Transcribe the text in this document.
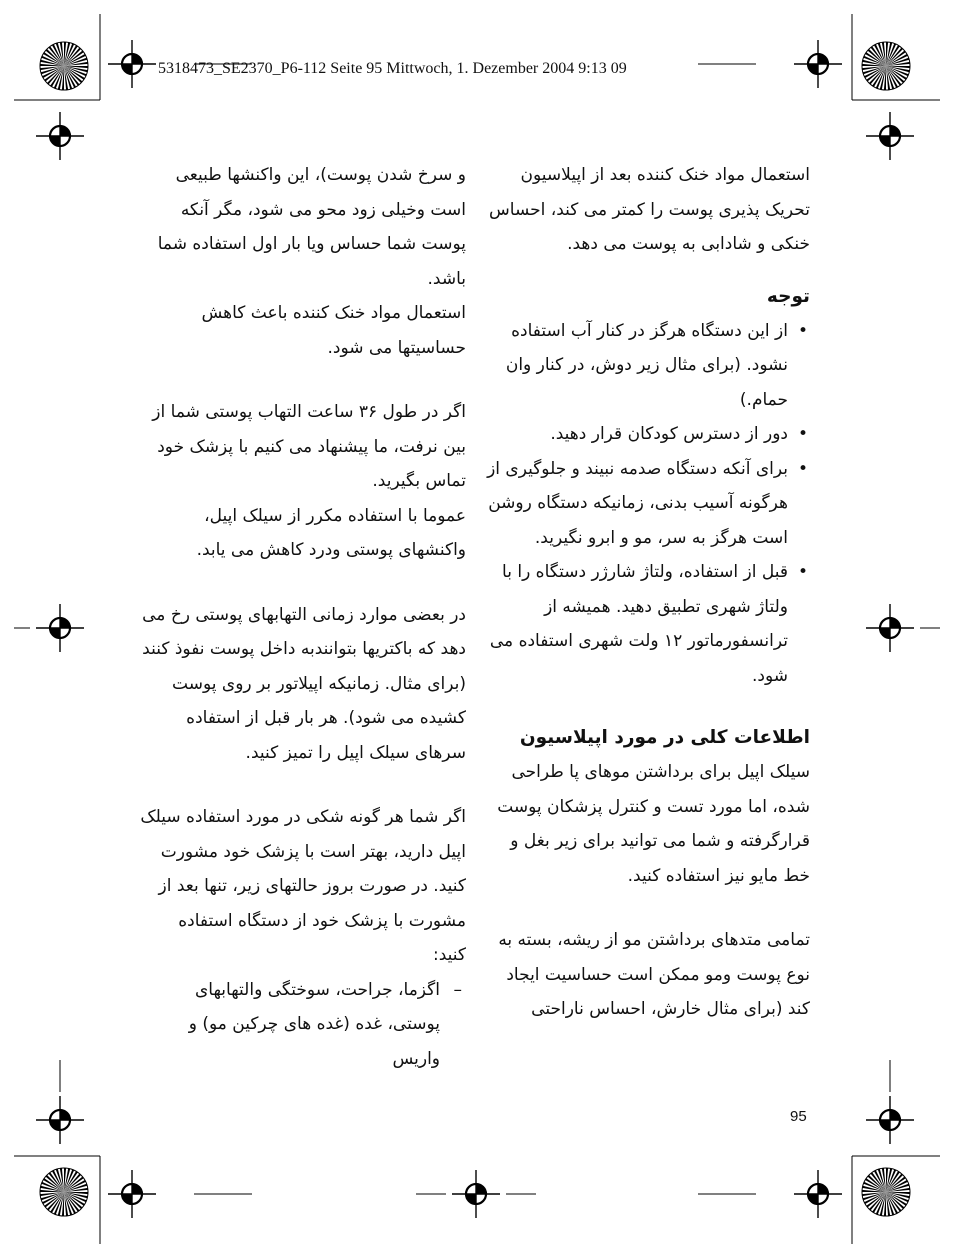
5318473_SE2370_P6-112 Seite 95 Mittwoch, 1. Dezember 2004 9:13 09

استعمال مواد خنک کننده بعد از اپیلاسیون تحریک پذیری پوست را کمتر می کند، احساس خنکی و شادابی به پوست می دهد.

توجه

• از این دستگاه هرگز در کنار آب استفاده نشود. (برای مثال زیر دوش، در کنار وان حمام.)
• دور از دسترس کودکان قرار دهید.
• برای آنکه دستگاه صدمه نبیند و جلوگیری از هرگونه آسیب بدنی، زمانیکه دستگاه روشن است هرگز به سر، مو و ابرو نگیرید.
• قبل از استفاده، ولتاژ شارژر دستگاه را با ولتاژ شهری تطبیق دهید. همیشه از ترانسفورماتور ۱۲ ولت شهری استفاده می شود.

اطلاعات کلی در مورد اپیلاسیون

سیلک اپیل برای برداشتن موهای پا طراحی شده، اما مورد تست و کنترل پزشکان پوست قرارگرفته و شما می توانید برای زیر بغل و خط مایو نیز استفاده کنید.

تمامی متدهای برداشتن مو از ریشه، بسته به نوع پوست ومو ممکن است حساسیت ایجاد کند (برای مثال خارش، احساس ناراحتی

و سرخ شدن پوست)، این واکنشها طبیعی است وخیلی زود محو می شود، مگر آنکه پوست شما حساس ویا بار اول استفاده شما باشد.

استعمال مواد خنک کننده باعث کاهش حساسیتها می شود.

اگر در طول ۳۶ ساعت التهاب پوستی شما از بین نرفت، ما پیشنهاد می کنیم با پزشک خود تماس بگیرید.

عموما با استفاده مکرر از سیلک اپیل، واکنشهای پوستی ودرد کاهش می یابد.

در بعضی موارد زمانی التهابهای پوستی رخ می دهد که باکتریها بتوانندبه داخل پوست نفوذ کنند (برای مثال. زمانیکه اپیلاتور بر روی پوست کشیده می شود). هر بار قبل از استفاده سرهای سیلک اپیل را تمیز کنید.

اگر شما هر گونه شکی در مورد استفاده سیلک اپیل دارید، بهتر است با پزشک خود مشورت کنید. در صورت بروز حالتهای زیر، تنها بعد از مشورت با پزشک خود از دستگاه استفاده کنید:

– اگزما، جراحت، سوختگی والتهابهای پوستی، غده (غده های چرکین مو) و واریس
95
